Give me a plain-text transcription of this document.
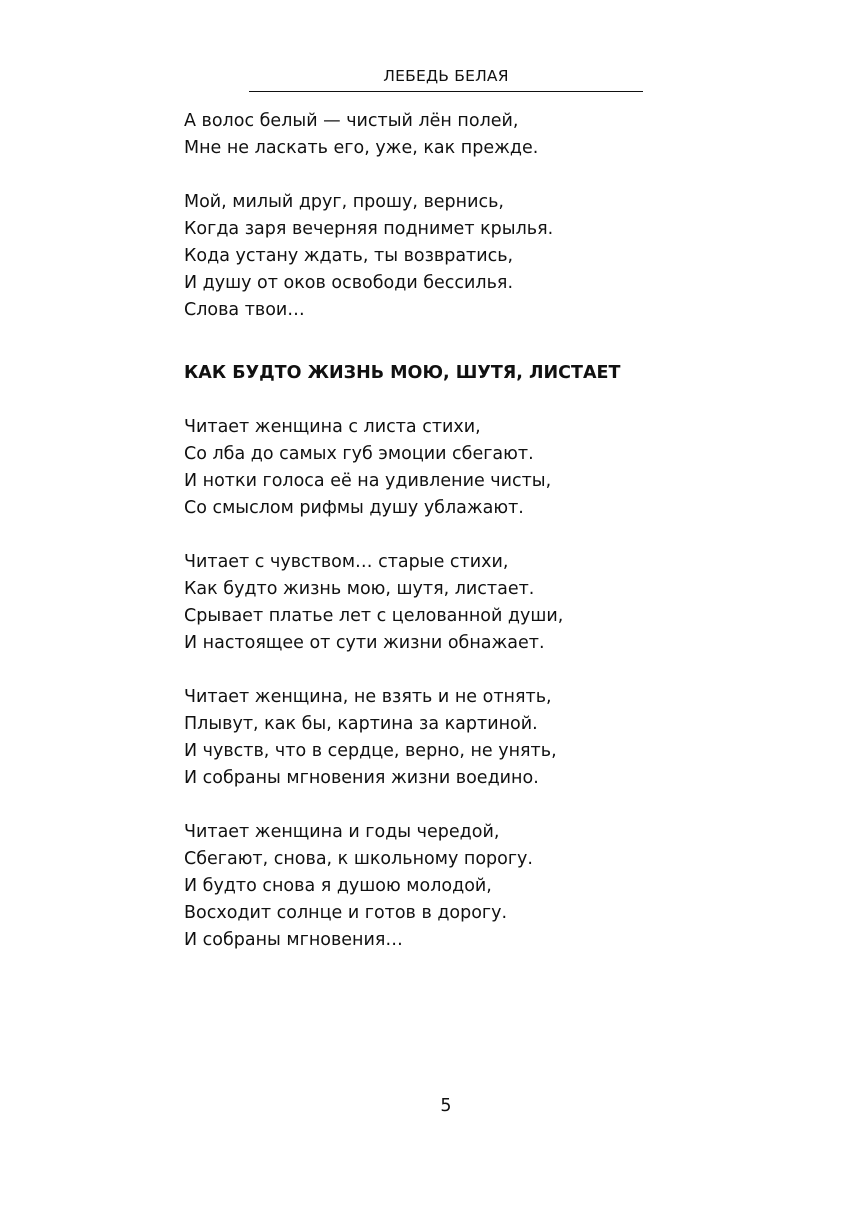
ЛЕБЕДЬ БЕЛАЯ
А волос белый — чистый лён полей,
Мне не ласкать его, уже, как прежде.
Мой, милый друг, прошу, вернись,
Когда заря вечерняя поднимет крылья.
Кода устану ждать, ты возвратись,
И душу от оков освободи бессилья.
Слова твои…
КАК БУДТО ЖИЗНЬ МОЮ, ШУТЯ, ЛИСТАЕТ
Читает женщина с листа стихи,
Со лба до самых губ эмоции сбегают.
И нотки голоса её на удивление чисты,
Со смыслом рифмы душу ублажают.
Читает с чувством… старые стихи,
Как будто жизнь мою, шутя, листает.
Срывает платье лет с целованной души,
И настоящее от сути жизни обнажает.
Читает женщина, не взять и не отнять,
Плывут, как бы, картина за картиной.
И чувств, что в сердце, верно, не унять,
И собраны мгновения жизни воедино.
Читает женщина и годы чередой,
Сбегают, снова, к школьному порогу.
И будто снова я душою молодой,
Восходит солнце и готов в дорогу.
И собраны мгновения…
5
